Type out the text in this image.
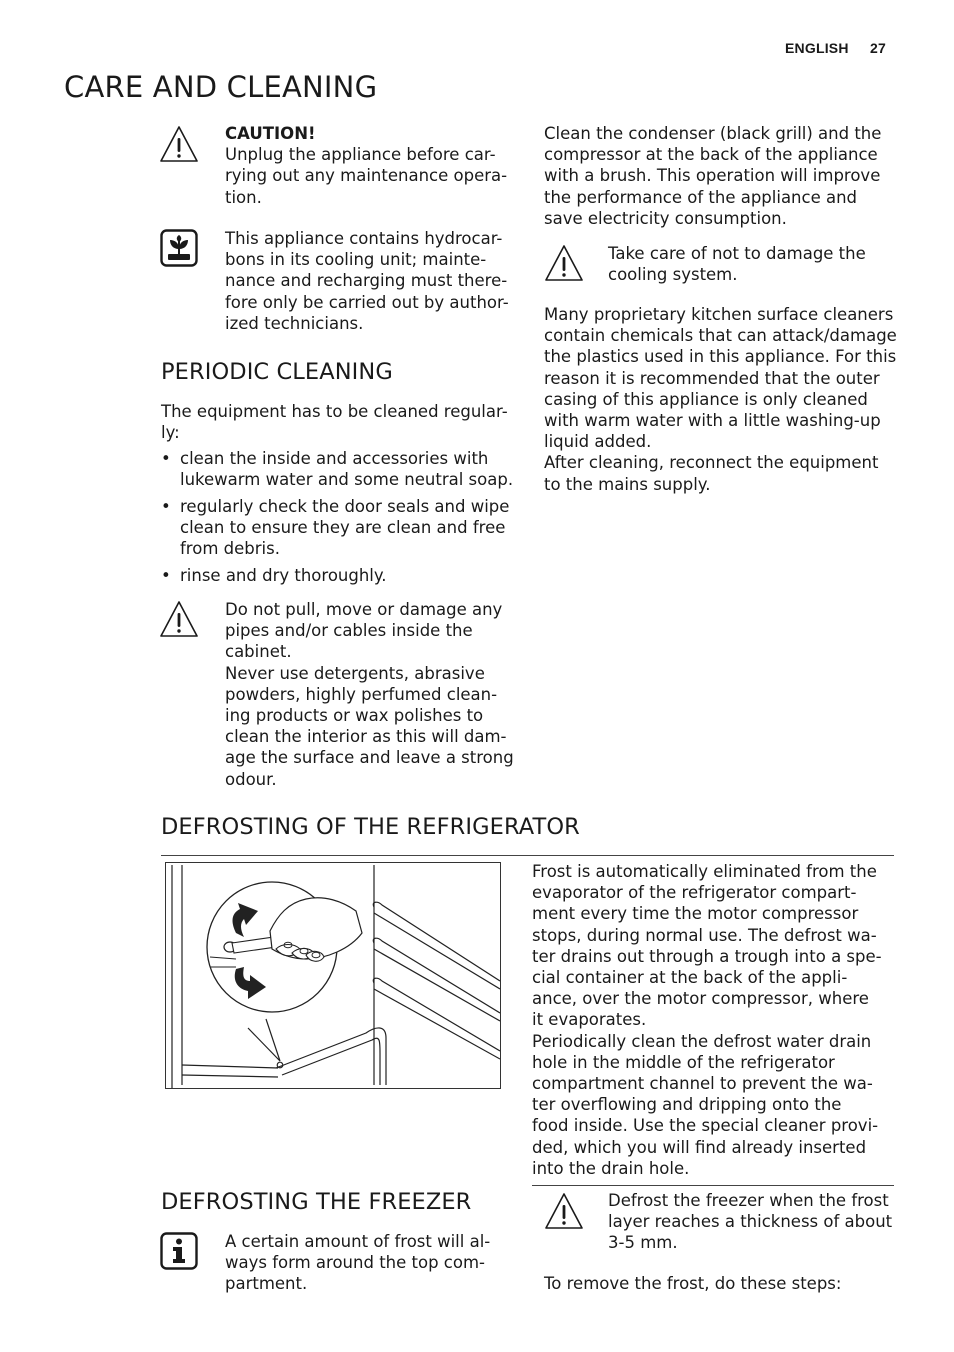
ENGLISH 27
CARE AND CLEANING
CAUTION!
Unplug the appliance before car-
rying out any maintenance opera-
tion.
This appliance contains hydrocar-
bons in its cooling unit; mainte-
nance and recharging must there-
fore only be carried out by author-
ized technicians.
PERIODIC CLEANING
The equipment has to be cleaned regular-
ly:
• clean the inside and accessories with
lukewarm water and some neutral soap.
• regularly check the door seals and wipe
clean to ensure they are clean and free
from debris.
• rinse and dry thoroughly.
Do not pull, move or damage any
pipes and/or cables inside the
cabinet.
Never use detergents, abrasive
powders, highly perfumed clean-
ing products or wax polishes to
clean the interior as this will dam-
age the surface and leave a strong
odour.
Clean the condenser (black grill) and the
compressor at the back of the appliance
with a brush. This operation will improve
the performance of the appliance and
save electricity consumption.
Take care of not to damage the
cooling system.
Many proprietary kitchen surface cleaners
contain chemicals that can attack/damage
the plastics used in this appliance. For this
reason it is recommended that the outer
casing of this appliance is only cleaned
with warm water with a little washing-up
liquid added.
After cleaning, reconnect the equipment
to the mains supply.
DEFROSTING OF THE REFRIGERATOR
Frost is automatically eliminated from the
evaporator of the refrigerator compart-
ment every time the motor compressor
stops, during normal use. The defrost wa-
ter drains out through a trough into a spe-
cial container at the back of the appli-
ance, over the motor compressor, where
it evaporates.
Periodically clean the defrost water drain
hole in the middle of the refrigerator
compartment channel to prevent the wa-
ter overflowing and dripping onto the
food inside. Use the special cleaner provi-
ded, which you will find already inserted
into the drain hole.
DEFROSTING THE FREEZER
A certain amount of frost will al-
ways form around the top com-
partment.
Defrost the freezer when the frost
layer reaches a thickness of about
3-5 mm.
To remove the frost, do these steps:
